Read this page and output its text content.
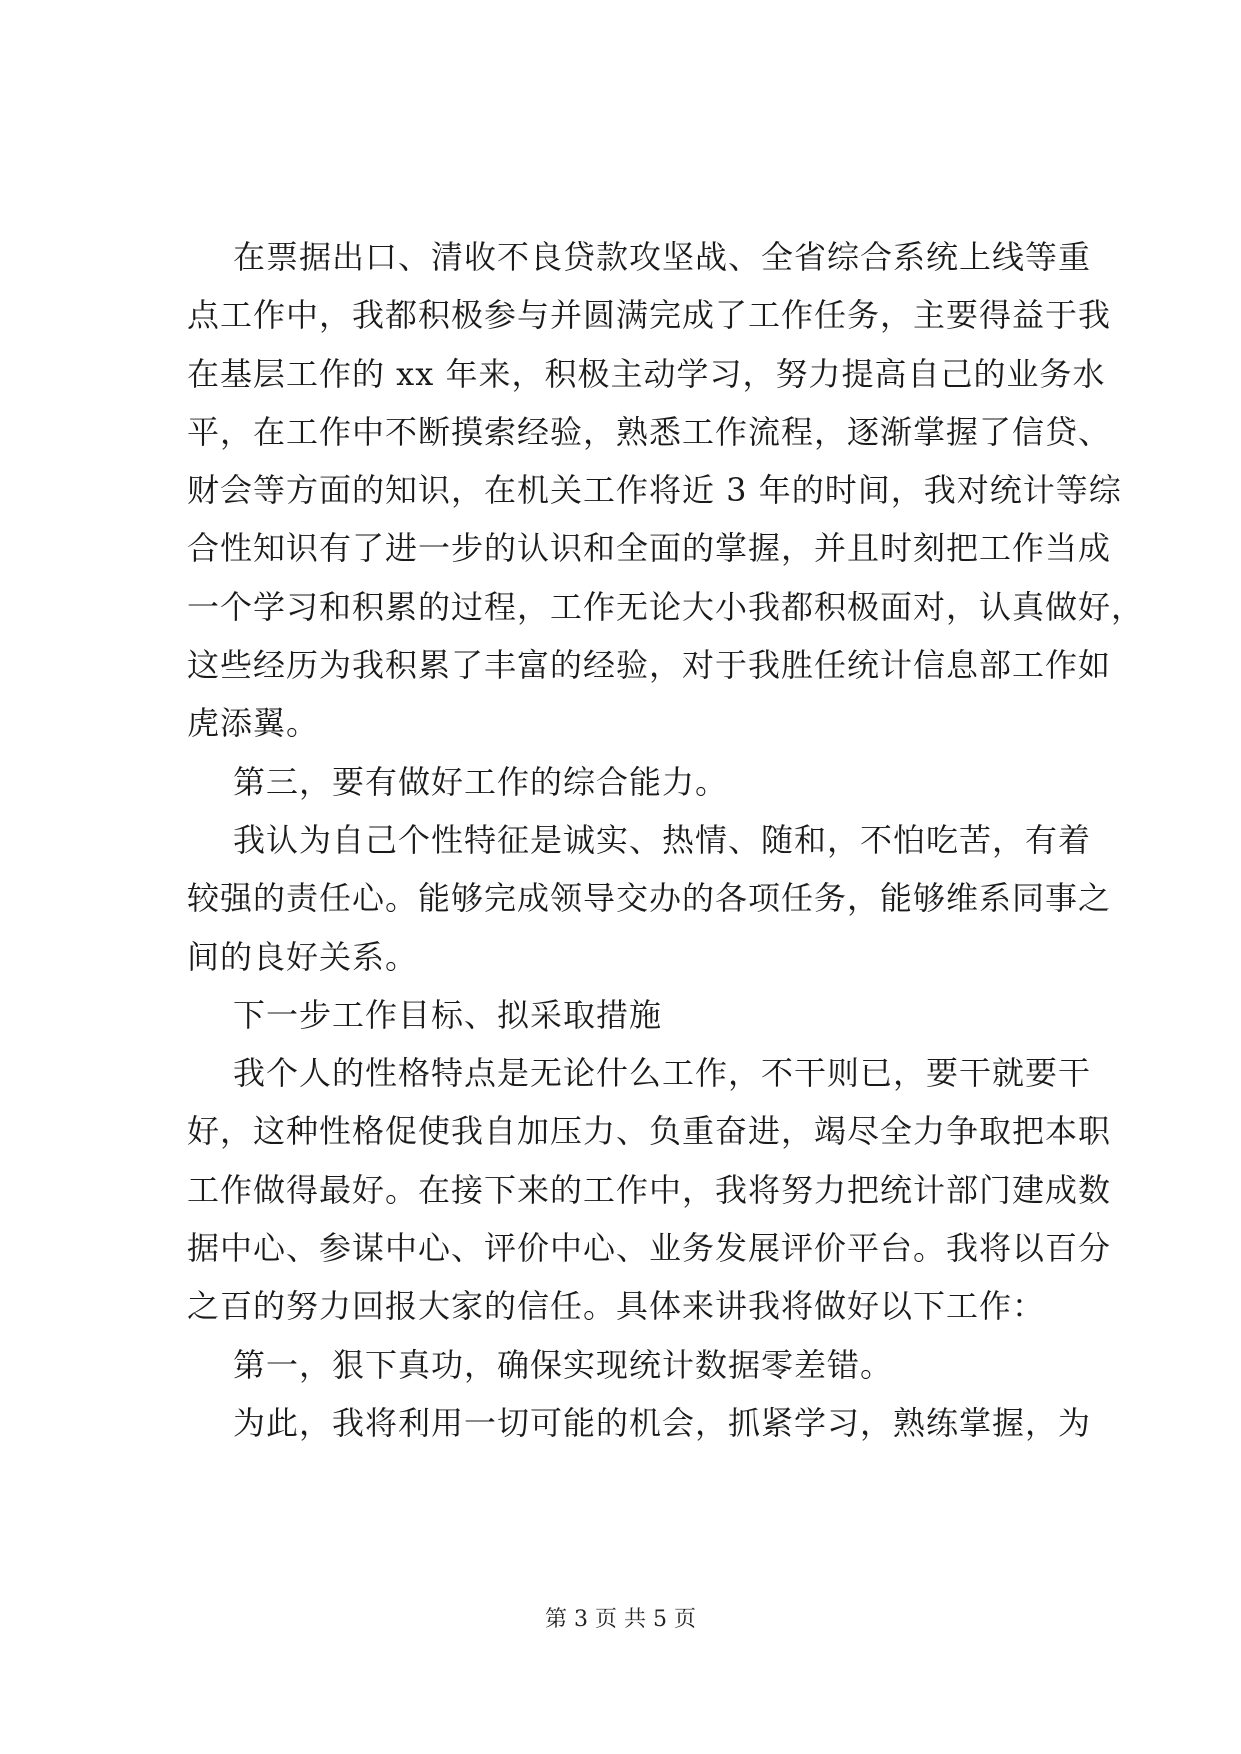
在票据出口、清收不良贷款攻坚战、全省综合系统上线等重
点工作中，我都积极参与并圆满完成了工作任务，主要得益于我
在基层工作的 xx 年来，积极主动学习，努力提高自己的业务水
平，在工作中不断摸索经验，熟悉工作流程，逐渐掌握了信贷、
财会等方面的知识，在机关工作将近 3 年的时间，我对统计等综
合性知识有了进一步的认识和全面的掌握，并且时刻把工作当成
一个学习和积累的过程，工作无论大小我都积极面对，认真做好，
这些经历为我积累了丰富的经验，对于我胜任统计信息部工作如
虎添翼。
第三，要有做好工作的综合能力。
我认为自己个性特征是诚实、热情、随和，不怕吃苦，有着
较强的责任心。能够完成领导交办的各项任务，能够维系同事之
间的良好关系。
下一步工作目标、拟采取措施
我个人的性格特点是无论什么工作，不干则已，要干就要干
好，这种性格促使我自加压力、负重奋进，竭尽全力争取把本职
工作做得最好。在接下来的工作中，我将努力把统计部门建成数
据中心、参谋中心、评价中心、业务发展评价平台。我将以百分
之百的努力回报大家的信任。具体来讲我将做好以下工作：
第一，狠下真功，确保实现统计数据零差错。
为此，我将利用一切可能的机会，抓紧学习，熟练掌握，为
第 3 页 共 5 页
